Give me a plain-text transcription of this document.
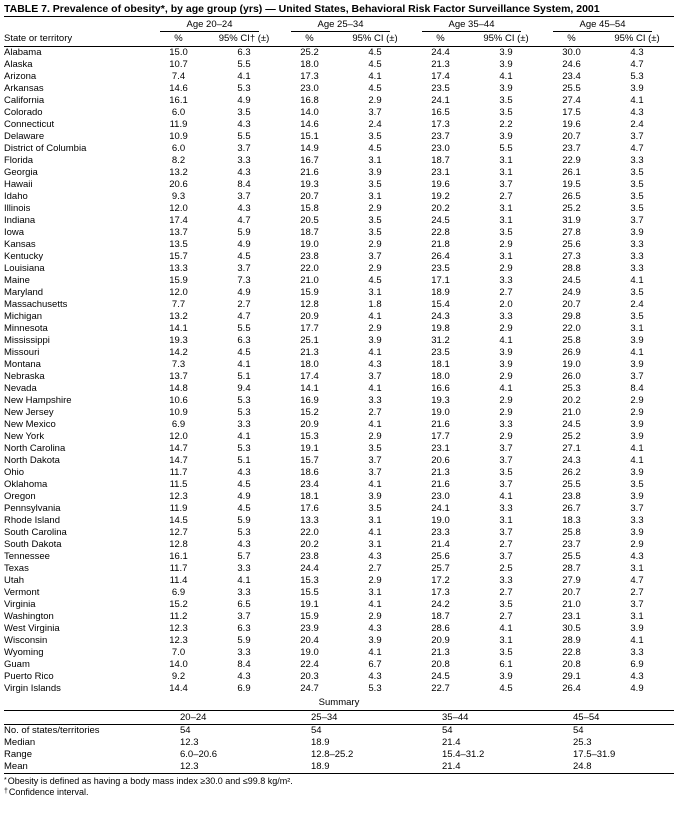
TABLE 7. Prevalence of obesity*, by age group (yrs) — United States, Behavioral Risk Factor Surveillance System, 2001

	Age 20–24		Age 25–34		Age 35–44		Age 45–54	

State or territory	%	95% CI† (±)	%	95% CI (±)	%	95% CI (±)	%	95% CI (±)
Alabama	15.0	6.3	25.2	4.5	24.4	3.9	30.0	4.3
Alaska	10.7	5.5	18.0	4.5	21.3	3.9	24.6	4.7
Arizona	7.4	4.1	17.3	4.1	17.4	4.1	23.4	5.3
Arkansas	14.6	5.3	23.0	4.5	23.5	3.9	25.5	3.9
California	16.1	4.9	16.8	2.9	24.1	3.5	27.4	4.1
Colorado	6.0	3.5	14.0	3.7	16.5	3.5	17.5	4.3
Connecticut	11.9	4.3	14.6	2.4	17.3	2.2	19.6	2.4
Delaware	10.9	5.5	15.1	3.5	23.7	3.9	20.7	3.7
District of Columbia	6.0	3.7	14.9	4.5	23.0	5.5	23.7	4.7
Florida	8.2	3.3	16.7	3.1	18.7	3.1	22.9	3.3
Georgia	13.2	4.3	21.6	3.9	23.1	3.1	26.1	3.5
Hawaii	20.6	8.4	19.3	3.5	19.6	3.7	19.5	3.5
Idaho	9.3	3.7	20.7	3.1	19.2	2.7	26.5	3.5
Illinois	12.0	4.3	15.8	2.9	20.2	3.1	25.2	3.5
Indiana	17.4	4.7	20.5	3.5	24.5	3.1	31.9	3.7
Iowa	13.7	5.9	18.7	3.5	22.8	3.5	27.8	3.9
Kansas	13.5	4.9	19.0	2.9	21.8	2.9	25.6	3.3
Kentucky	15.7	4.5	23.8	3.7	26.4	3.1	27.3	3.3
Louisiana	13.3	3.7	22.0	2.9	23.5	2.9	28.8	3.3
Maine	15.9	7.3	21.0	4.5	17.1	3.3	24.5	4.1
Maryland	12.0	4.9	15.9	3.1	18.9	2.7	24.9	3.5
Massachusetts	7.7	2.7	12.8	1.8	15.4	2.0	20.7	2.4
Michigan	13.2	4.7	20.9	4.1	24.3	3.3	29.8	3.5
Minnesota	14.1	5.5	17.7	2.9	19.8	2.9	22.0	3.1
Mississippi	19.3	6.3	25.1	3.9	31.2	4.1	25.8	3.9
Missouri	14.2	4.5	21.3	4.1	23.5	3.9	26.9	4.1
Montana	7.3	4.1	18.0	4.3	18.1	3.9	19.0	3.9
Nebraska	13.7	5.1	17.4	3.7	18.0	2.9	26.0	3.7
Nevada	14.8	9.4	14.1	4.1	16.6	4.1	25.3	8.4
New Hampshire	10.6	5.3	16.9	3.3	19.3	2.9	20.2	2.9
New Jersey	10.9	5.3	15.2	2.7	19.0	2.9	21.0	2.9
New Mexico	6.9	3.3	20.9	4.1	21.6	3.3	24.5	3.9
New York	12.0	4.1	15.3	2.9	17.7	2.9	25.2	3.9
North Carolina	14.7	5.3	19.1	3.5	23.1	3.7	27.1	4.1
North Dakota	14.7	5.1	15.7	3.7	20.6	3.7	24.3	4.1
Ohio	11.7	4.3	18.6	3.7	21.3	3.5	26.2	3.9
Oklahoma	11.5	4.5	23.4	4.1	21.6	3.7	25.5	3.5
Oregon	12.3	4.9	18.1	3.9	23.0	4.1	23.8	3.9
Pennsylvania	11.9	4.5	17.6	3.5	24.1	3.3	26.7	3.7
Rhode Island	14.5	5.9	13.3	3.1	19.0	3.1	18.3	3.3
South Carolina	12.7	5.3	22.0	4.1	23.3	3.7	25.8	3.9
South Dakota	12.8	4.3	20.2	3.1	21.4	2.7	23.7	2.9
Tennessee	16.1	5.7	23.8	4.3	25.6	3.7	25.5	4.3
Texas	11.7	3.3	24.4	2.7	25.7	2.5	28.7	3.1
Utah	11.4	4.1	15.3	2.9	17.2	3.3	27.9	4.7
Vermont	6.9	3.3	15.5	3.1	17.3	2.7	20.7	2.7
Virginia	15.2	6.5	19.1	4.1	24.2	3.5	21.0	3.7
Washington	11.2	3.7	15.9	2.9	18.7	2.7	23.1	3.1
West Virginia	12.3	6.3	23.9	4.3	28.6	4.1	30.5	3.9
Wisconsin	12.3	5.9	20.4	3.9	20.9	3.1	28.9	4.1
Wyoming	7.0	3.3	19.0	4.1	21.3	3.5	22.8	3.3
Guam	14.0	8.4	22.4	6.7	20.8	6.1	20.8	6.9
Puerto Rico	9.2	4.3	20.3	4.3	24.5	3.9	29.1	4.3
Virgin Islands	14.4	6.9	24.7	5.3	22.7	4.5	26.4	4.9
Summary
	20–24	25–34	35–44	45–54
No. of states/territories	54	54	54	54
Median	12.3	18.9	21.4	25.3
Range	6.0–20.6	12.8–25.2	15.4–31.2	17.5–31.9
Mean	12.3	18.9	21.4	24.8
*Obesity is defined as having a body mass index ≥30.0 and ≤99.8 kg/m².
†Confidence interval.
